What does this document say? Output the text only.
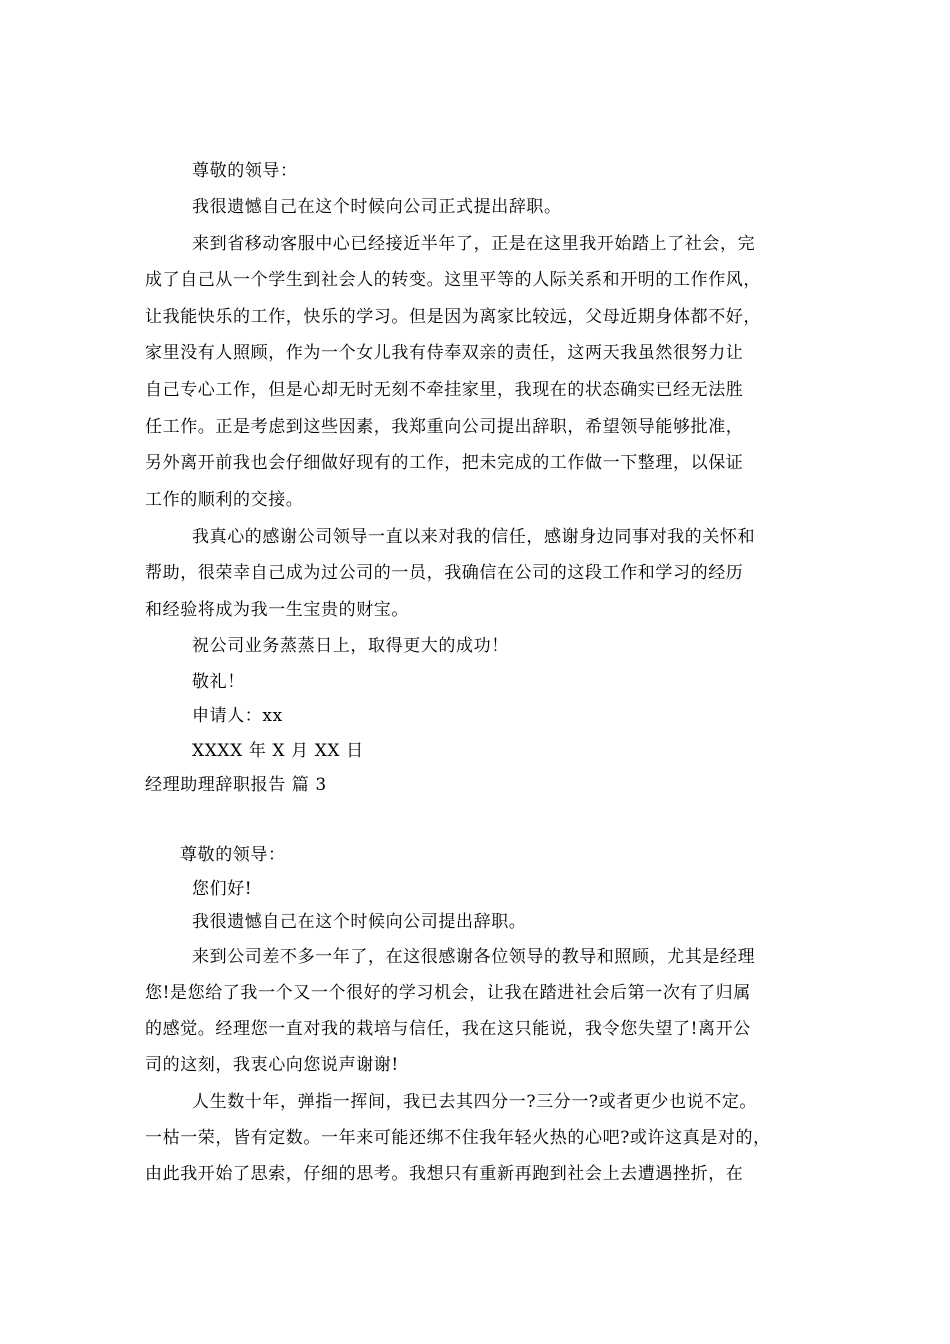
尊敬的领导：
我很遗憾自己在这个时候向公司正式提出辞职。
来到省移动客服中心已经接近半年了，正是在这里我开始踏上了社会，完
成了自己从一个学生到社会人的转变。这里平等的人际关系和开明的工作作风，
让我能快乐的工作，快乐的学习。但是因为离家比较远，父母近期身体都不好，
家里没有人照顾，作为一个女儿我有侍奉双亲的责任，这两天我虽然很努力让
自己专心工作，但是心却无时无刻不牵挂家里，我现在的状态确实已经无法胜
任工作。正是考虑到这些因素，我郑重向公司提出辞职，希望领导能够批准，
另外离开前我也会仔细做好现有的工作，把未完成的工作做一下整理，以保证
工作的顺利的交接。
我真心的感谢公司领导一直以来对我的信任，感谢身边同事对我的关怀和
帮助，很荣幸自己成为过公司的一员，我确信在公司的这段工作和学习的经历
和经验将成为我一生宝贵的财宝。
祝公司业务蒸蒸日上，取得更大的成功！
敬礼！
申请人：xx
XXXX 年 X 月 XX 日
经理助理辞职报告 篇 3
尊敬的领导：
您们好!
我很遗憾自己在这个时候向公司提出辞职。
来到公司差不多一年了，在这很感谢各位领导的教导和照顾，尤其是经理
您!是您给了我一个又一个很好的学习机会，让我在踏进社会后第一次有了归属
的感觉。经理您一直对我的栽培与信任，我在这只能说，我令您失望了!离开公
司的这刻，我衷心向您说声谢谢!
人生数十年，弹指一挥间，我已去其四分一?三分一?或者更少也说不定。
一枯一荣，皆有定数。一年来可能还绑不住我年轻火热的心吧?或许这真是对的，
由此我开始了思索，仔细的思考。我想只有重新再跑到社会上去遭遇挫折，在
